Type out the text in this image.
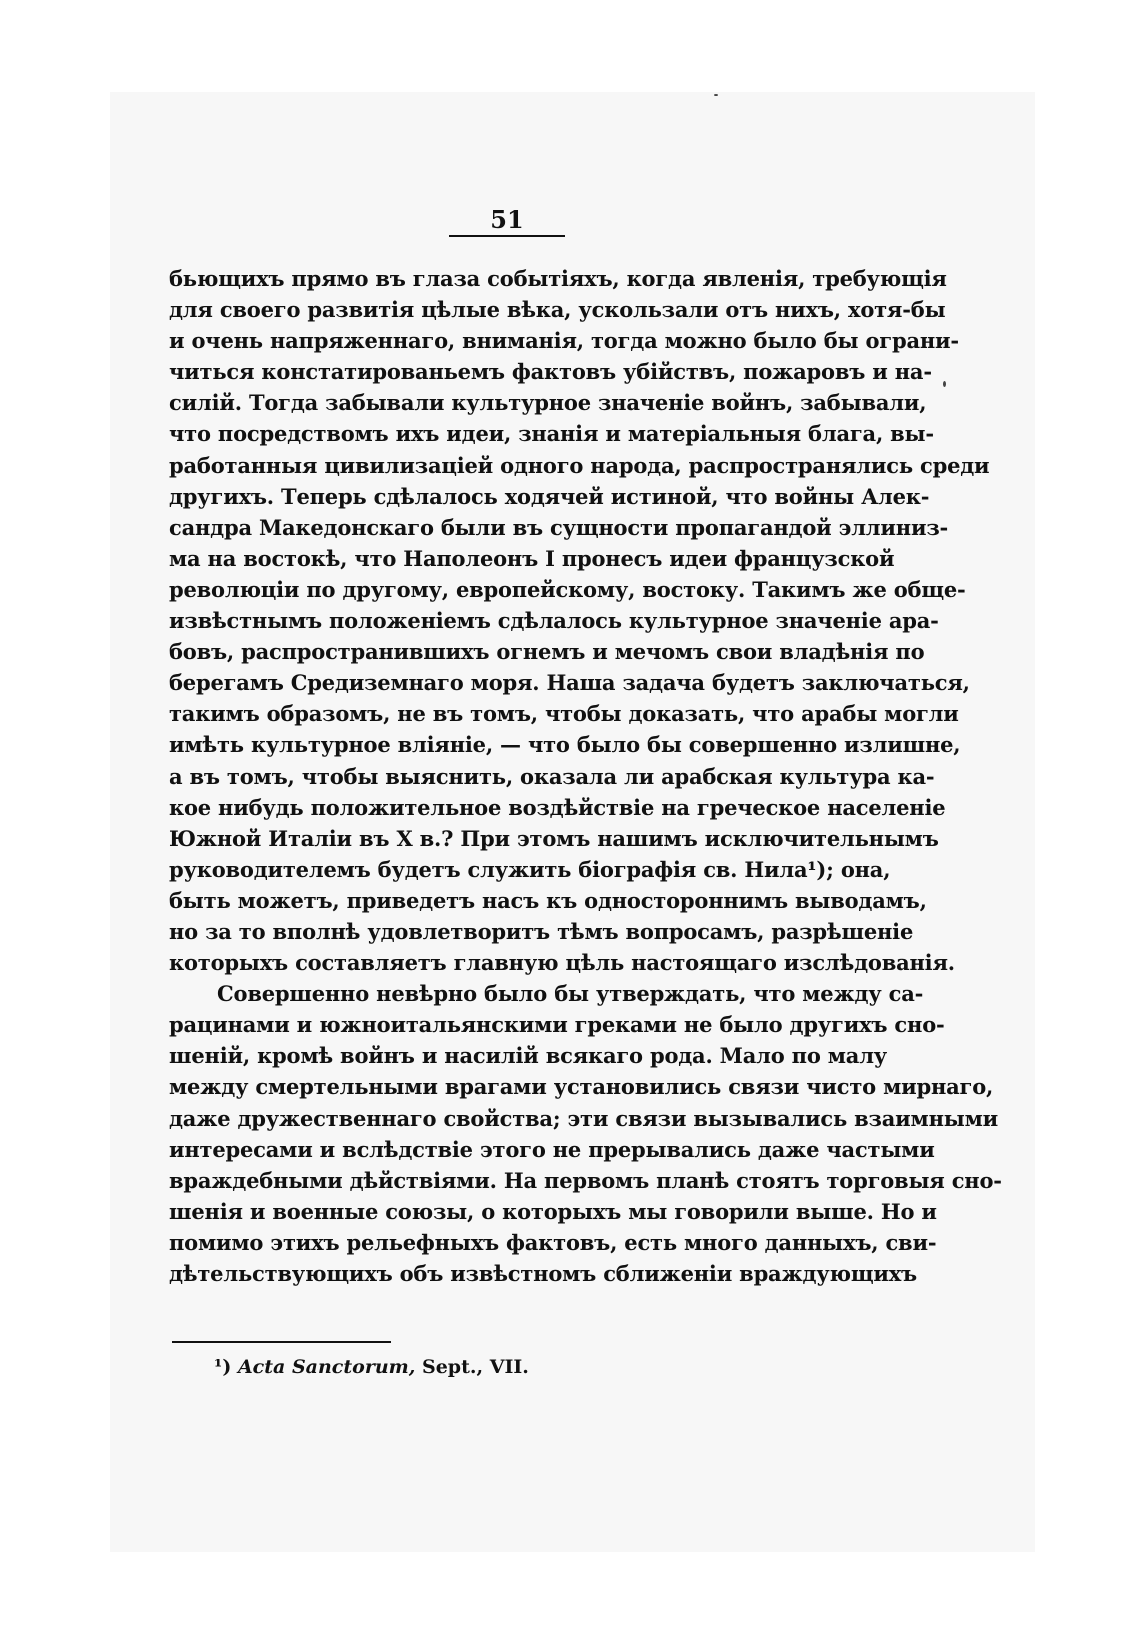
51
бьющихъ прямо въ глаза событіяхъ, когда явленія, требующія
для своего развитія цѣлые вѣка, ускользали отъ нихъ, хотя-бы
и очень напряженнаго, вниманія, тогда можно было бы ограни-
читься констатированьемъ фактовъ убійствъ, пожаровъ и на-
силій. Тогда забывали культурное значеніе войнъ, забывали,
что посредствомъ ихъ идеи, знанія и матеріальныя блага, вы-
работанныя цивилизаціей одного народа, распространялись среди
другихъ. Теперь сдѣлалось ходячей истиной, что войны Алек-
сандра Македонскаго были въ сущности пропагандой эллиниз-
ма на востокѣ, что Наполеонъ I пронесъ идеи французской
революціи по другому, европейскому, востоку. Такимъ же обще-
извѣстнымъ положеніемъ сдѣлалось культурное значеніе ара-
бовъ, распространившихъ огнемъ и мечомъ свои владѣнія по
берегамъ Средиземнаго моря. Наша задача будетъ заключаться,
такимъ образомъ, не въ томъ, чтобы доказать, что арабы могли
имѣть культурное вліяніе, — что было бы совершенно излишне,
а въ томъ, чтобы выяснить, оказала ли арабская культура ка-
кое нибудь положительное воздѣйствіе на греческое населеніе
Южной Италіи въ X в.? При этомъ нашимъ исключительнымъ
руководителемъ будетъ служить біографія св. Нила¹); она,
быть можетъ, приведетъ насъ къ одностороннимъ выводамъ,
но за то вполнѣ удовлетворитъ тѣмъ вопросамъ, разрѣшеніе
которыхъ составляетъ главную цѣль настоящаго изслѣдованія.
Совершенно невѣрно было бы утверждать, что между са-
рацинами и южноитальянскими греками не было другихъ сно-
шеній, кромѣ войнъ и насилій всякаго рода. Мало по малу
между смертельными врагами установились связи чисто мирнаго,
даже дружественнаго свойства; эти связи вызывались взаимными
интересами и вслѣдствіе этого не прерывались даже частыми
враждебными дѣйствіями. На первомъ планѣ стоятъ торговыя сно-
шенія и военные союзы, о которыхъ мы говорили выше. Но и
помимо этихъ рельефныхъ фактовъ, есть много данныхъ, сви-
дѣтельствующихъ объ извѣстномъ сближеніи враждующихъ
¹) Acta Sanctorum, Sept., VII.
